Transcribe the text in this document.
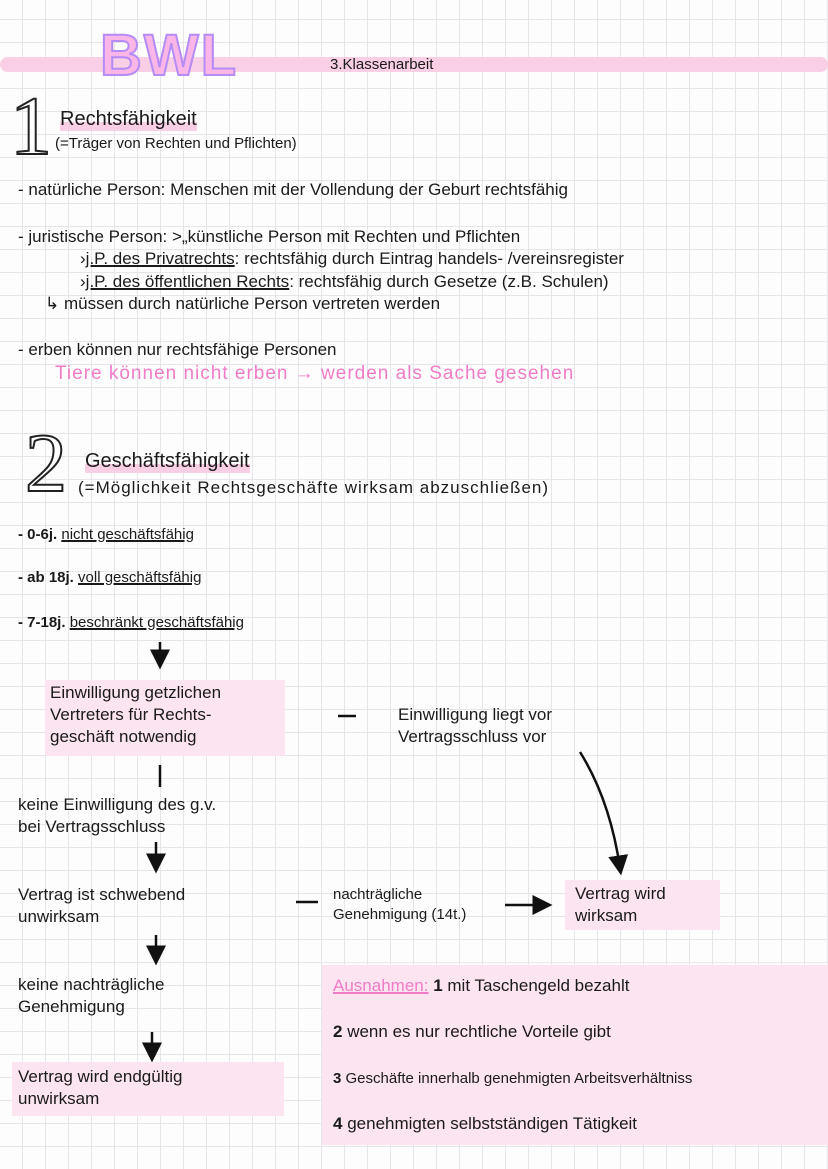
BWL	3.Klassenarbeit
1 Rechtsfähigkeit
(=Träger von Rechten und Pflichten)
- natürliche Person: Menschen mit der Vollendung der Geburt rechtsfähig
- juristische Person: >„künstliche Person mit Rechten und Pflichten
›j.P. des Privatrechts: rechtsfähig durch Eintrag handels- /vereinsregister
›j.P. des öffentlichen Rechts: rechtsfähig durch Gesetze (z.B. Schulen)
↳ müssen durch natürliche Person vertreten werden
- erben können nur rechtsfähige Personen
Tiere können nicht erben → werden als Sache gesehen
2 Geschäftsfähigkeit
(=Möglichkeit Rechtsgeschäfte wirksam abzuschließen)
- 0-6j. nicht geschäftsfähig
- ab 18j. voll geschäftsfähig
- 7-18j. beschränkt geschäftsfähig
Einwilligung getzlichen
Vertreters für Rechts-
geschäft notwendig
Einwilligung liegt vor
Vertragsschluss vor
keine Einwilligung des g.v.
bei Vertragsschluss
Vertrag ist schwebend
unwirksam
nachträgliche
Genehmigung (14t.)
Vertrag wird
wirksam
keine nachträgliche
Genehmigung
Vertrag wird endgültig
unwirksam
Ausnahmen: 1 mit Taschengeld bezahlt
2 wenn es nur rechtliche Vorteile gibt
3 Geschäfte innerhalb genehmigten Arbeitsverhältniss
4 genehmigten selbstständigen Tätigkeit
